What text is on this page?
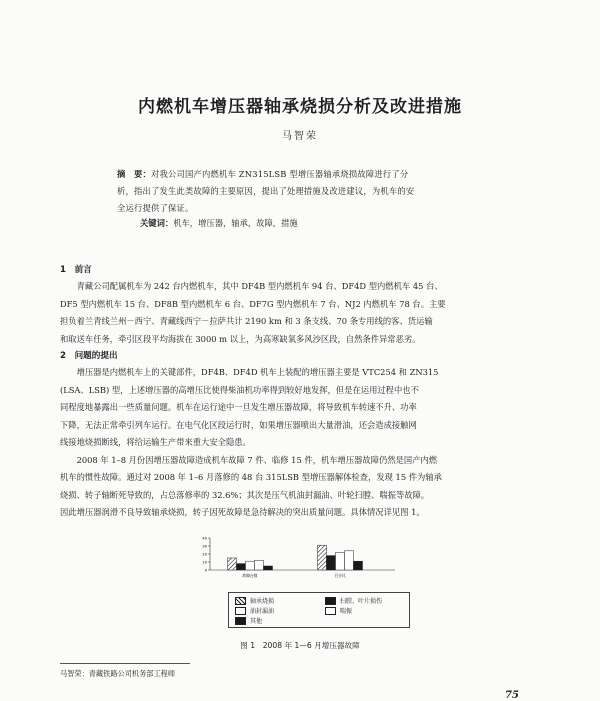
内燃机车增压器轴承烧损分析及改进措施
马智荣
摘　要：对我公司国产内燃机车 ZN315LSB 型增压器轴承烧损故障进行了分
析，指出了发生此类故障的主要原因，提出了处理措施及改进建议，为机车的安
全运行提供了保证。
关键词：机车，增压器，轴承，故障，措施
1　前言
青藏公司配属机车为 242 台内燃机车，其中 DF4B 型内燃机车 94 台、DF4D 型内燃机车 45 台、
DF5 型内燃机车 15 台、DF8B 型内燃机车 6 台、DF7G 型内燃机车 7 台、NJ2 内燃机车 78 台。主要
担负着兰青线兰州－西宁、青藏线西宁－拉萨共计 2190 km 和 3 条支线、70 条专用线的客、货运输
和取送车任务，牵引区段平均海拔在 3000 m 以上，为高寒缺氧多风沙区段，自然条件异常恶劣。
2　问题的提出
增压器是内燃机车上的关键部件，DF4B、DF4D 机车上装配的增压器主要是 VTC254 和 ZN315
(LSA、LSB) 型，上述增压器的高增压比使得柴油机功率得到较好地发挥，但是在运用过程中也不
同程度地暴露出一些质量问题。机车在运行途中一旦发生增压器故障，将导致机车转速不升、功率
下降，无法正常牵引列车运行。在电气化区段运行时，如果增压器喷出大量滑油，还会造成接触网
线接地烧损断线，将给运输生产带来重大安全隐患。
2008 年 1–8 月份因增压器故障造成机车故障 7 件、临修 15 件，机车增压器故障仍然是国产内燃
机车的惯性故障。通过对 2008 年 1–6 月落修的 48 台 315LSB 型增压器解体检查，发现 15 件为轴承
烧损、转子轴断死导致的，占总落修率的 32.6%；其次是压气机油封漏油、叶轮扫膛、喘振等故障。
因此增压器润滑不良导致轴承烧损，转子因死故障是急待解决的突出质量问题。具体情况详见图 1。
0
10
20
30
40
故障台数	百分比
轴承烧损	扫膛、叶片损伤
油封漏油	喘振
其他
图 1　2008 年 1—6 月增压器故障
马智荣：青藏铁路公司机务部工程师
75
